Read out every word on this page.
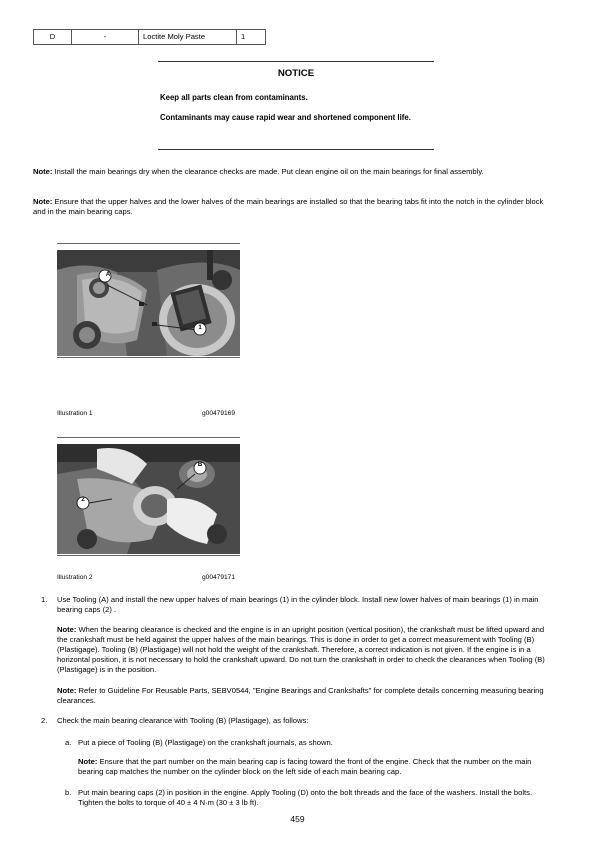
D	-	Loctite Moly Paste	1
NOTICE
Keep all parts clean from contaminants.
Contaminants may cause rapid wear and shortened component life.
Note: Install the main bearings dry when the clearance checks are made. Put clean engine oil on the main bearings for final assembly.
Note: Ensure that the upper halves and the lower halves of the main bearings are installed so that the bearing tabs fit into the notch in the cylinder block and in the main bearing caps.
A
1
Illustration 1	g00479169
B
2
Illustration 2	g00479171
1. Use Tooling (A) and install the new upper halves of main bearings (1) in the cylinder block. Install new lower halves of main bearings (1) in main bearing caps (2) .
Note: When the bearing clearance is checked and the engine is in an upright position (vertical position), the crankshaft must be lifted upward and the crankshaft must be held against the upper halves of the main bearings. This is done in order to get a correct measurement with Tooling (B) (Plastigage). Tooling (B) (Plastigage) will not hold the weight of the crankshaft. Therefore, a correct indication is not given. If the engine is in a horizontal position, it is not necessary to hold the crankshaft upward. Do not turn the crankshaft in order to check the clearances when Tooling (B) (Plastigage) is in the position.
Note: Refer to Guideline For Reusable Parts, SEBV0544, "Engine Bearings and Crankshafts" for complete details concerning measuring bearing clearances.
2. Check the main bearing clearance with Tooling (B) (Plastigage), as follows:
a. Put a piece of Tooling (B) (Plastigage) on the crankshaft journals, as shown.
Note: Ensure that the part number on the main bearing cap is facing toward the front of the engine. Check that the number on the main bearing cap matches the number on the cylinder block on the left side of each main bearing cap.
b. Put main bearing caps (2) in position in the engine. Apply Tooling (D) onto the bolt threads and the face of the washers. Install the bolts. Tighten the bolts to torque of 40 ± 4 N·m (30 ± 3 lb ft).
459
